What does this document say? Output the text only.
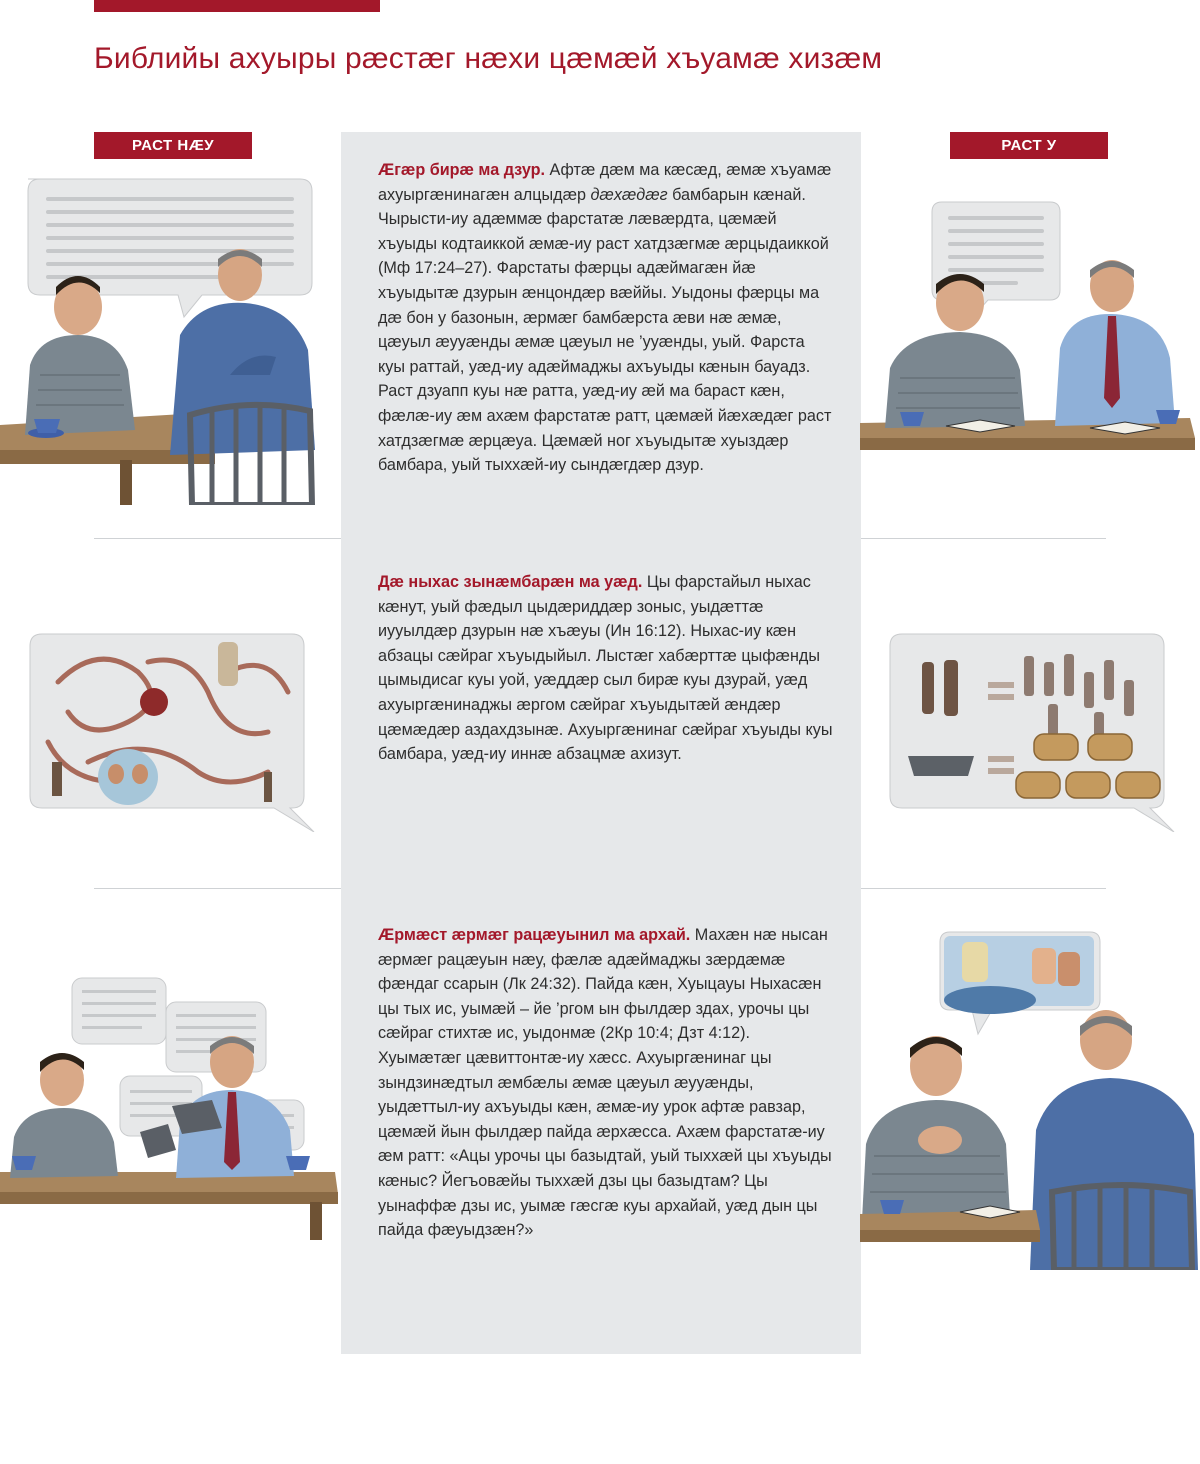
Библийы ахуыры рæстæг нæхи цæмæй хъуамæ хизæм
РАСТ НÆУ	РАСТ У

Æгæр бирæ ма дзур. Афтæ дæм ма кæсæд, æмæ хъуамæ ахуыргæнинагæн алцыдæр дæхæдæг бамбарын кæнай. Чырысти-иу адæммæ фарстатæ лæвæрдта, цæмæй хъуыды кодтаиккой æмæ-иу раст хатдзæгмæ æрцыдаиккой (Мф 17:24–27). Фарстаты фæрцы адæймагæн йæ хъуыдытæ дзурын æнцондæр вæййы. Уыдоны фæрцы ма дæ бон у базонын, æрмæг бамбæрста æви нæ æмæ, цæуыл æууæнды æмæ цæуыл не ’ууæнды, уый. Фарста куы раттай, уæд-иу адæймаджы ахъуыды кæнын бауадз. Раст дзуапп куы нæ ратта, уæд-иу æй ма бараст кæн, фæлæ-иу æм ахæм фарстатæ ратт, цæмæй йæхæдæг раст хатдзæгмæ æрцæуа. Цæмæй ног хъуыдытæ хуыздæр бамбара, уый тыххæй-иу сындæгдæр дзур.

Дæ ныхас зынæмбарæн ма уæд. Цы фарстайыл ныхас кæнут, уый фæдыл цыдæриддæр зоныс, уыдæттæ иууылдæр дзурын нæ хъæуы (Ин 16:12). Ныхас-иу кæн абзацы сæйраг хъуыдыйыл. Лыстæг хабæрттæ цыфæнды цымыдисаг куы уой, уæддæр сыл бирæ куы дзурай, уæд ахуыргæнинаджы æргом сæйраг хъуыдытæй æндæр цæмæдæр аздахдзынæ. Ахуыргæнинаг сæйраг хъуыды куы бамбара, уæд-иу иннæ абзацмæ ахизут.

Æрмæст æрмæг рацæуынил ма архай. Махæн нæ нысан æрмæг рацæуын нæу, фæлæ адæймаджы зæрдæмæ фæндаг ссарын (Лк 24:32). Пайда кæн, Хуыцауы Ныхасæн цы тых ис, уымæй – йе ’ргом ын фылдæр здах, урочы цы сæйраг стихтæ ис, уыдонмæ (2Кр 10:4; Дзт 4:12). Хуымæтæг цæвиттонтæ-иу хæсс. Ахуыргæнинаг цы зындзинæдтыл æмбæлы æмæ цæуыл æууæнды, уыдæттыл-иу ахъуыды кæн, æмæ-иу урок афтæ равзар, цæмæй йын фылдæр пайда æрхæсса. Ахæм фарстатæ-иу æм ратт: «Ацы урочы цы базыдтай, уый тыххæй цы хъуыды кæныс? Йегъовæйы тыххæй дзы цы базыдтам? Цы уынаффæ дзы ис, уымæ гæсгæ куы архайай, уæд дын цы пайда фæуыдзæн?»
